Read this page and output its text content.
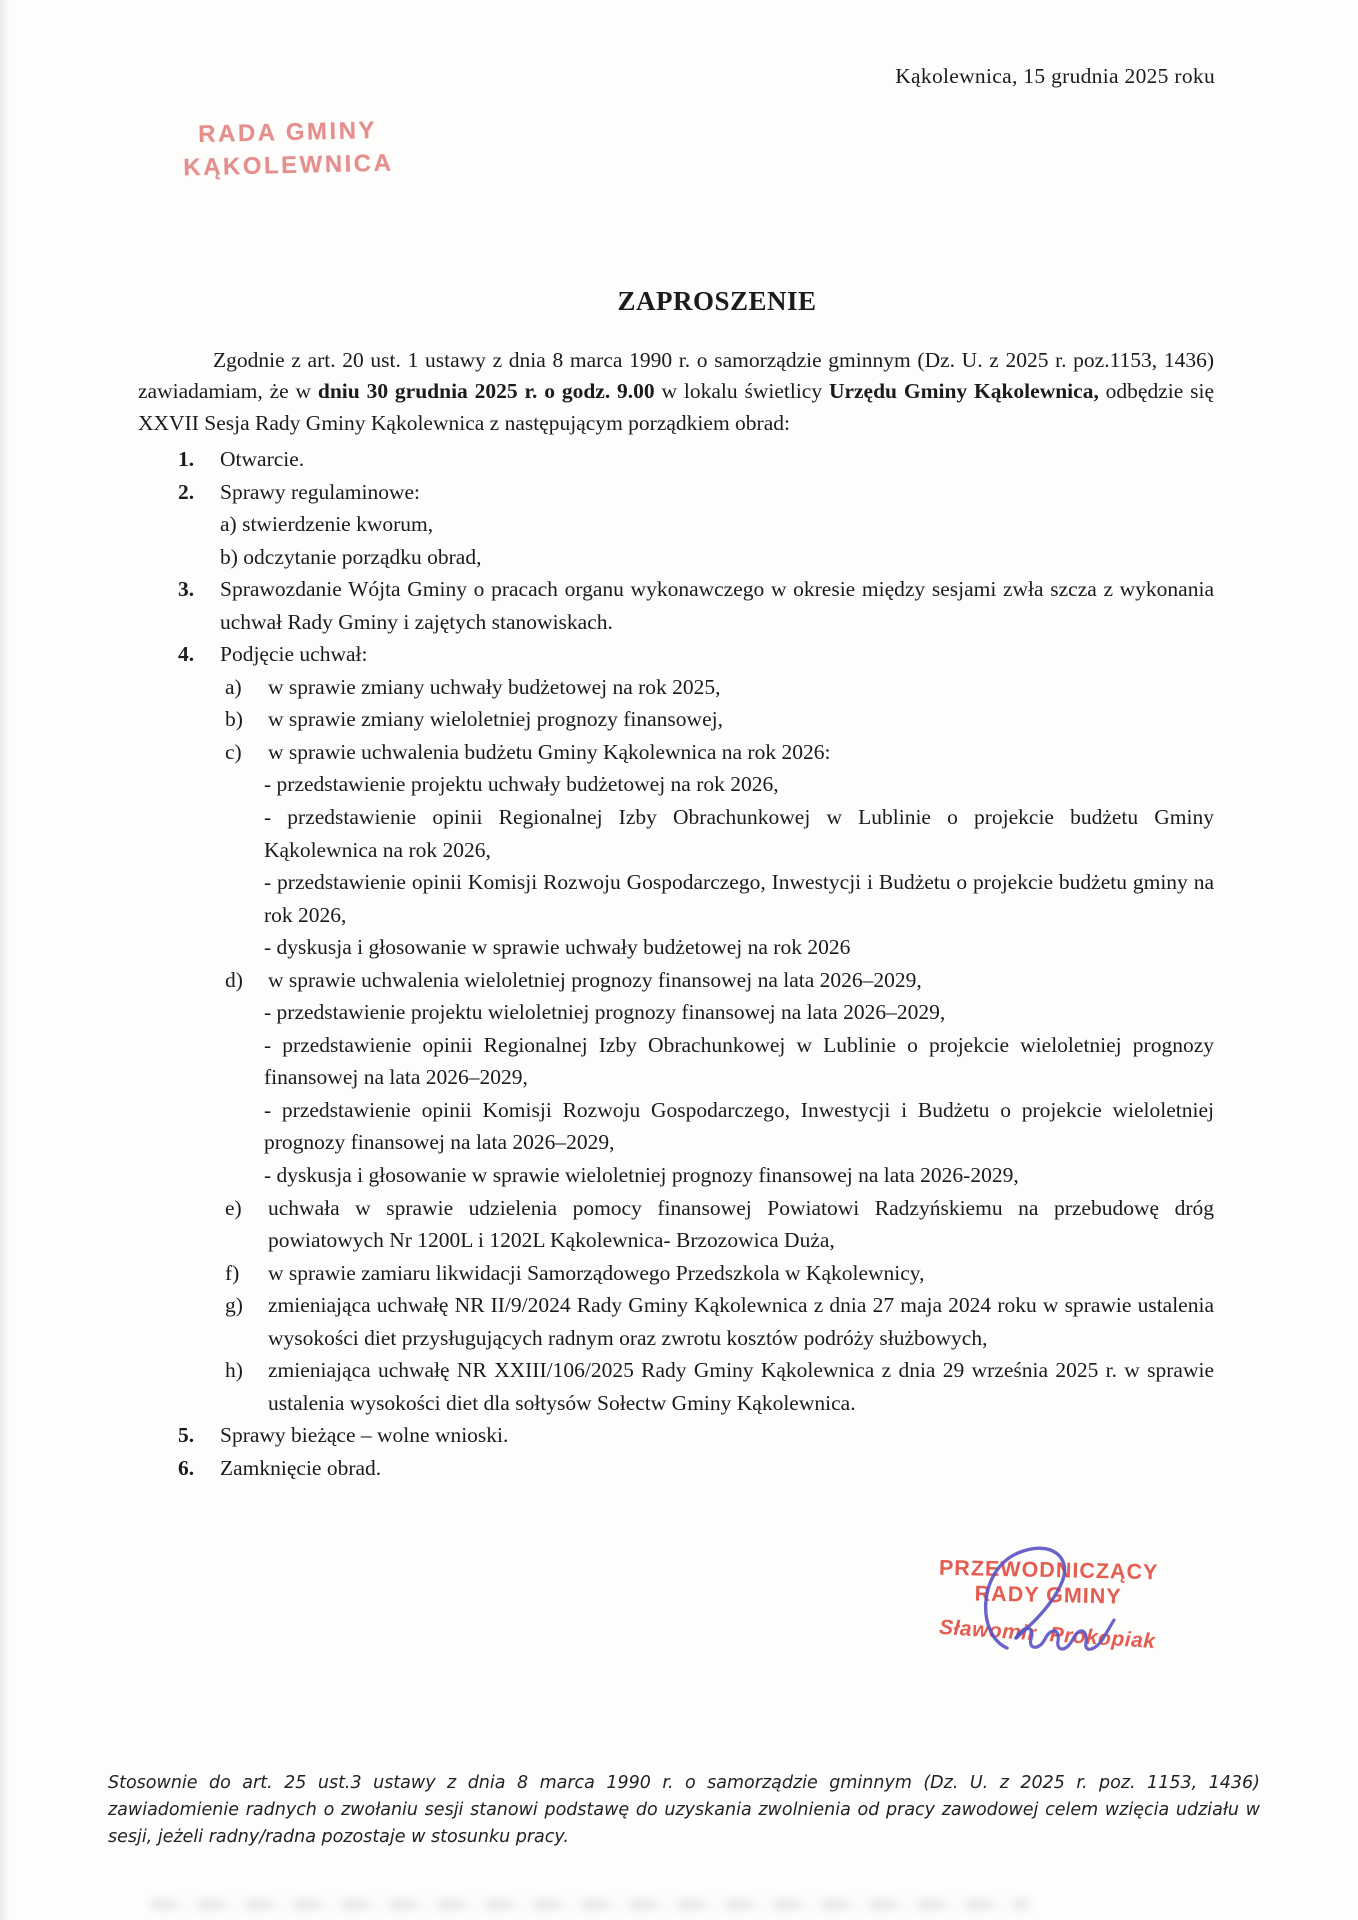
Kąkolewnica, 15 grudnia 2025 roku
RADA GMINY
KĄKOLEWNICA
ZAPROSZENIE

Zgodnie z art. 20 ust. 1 ustawy z dnia 8 marca 1990 r. o samorządzie gminnym (Dz. U. z 2025 r. poz.1153, 1436) zawiadamiam, że w dniu 30 grudnia 2025 r. o godz. 9.00 w lokalu świetlicy Urzędu Gminy Kąkolewnica, odbędzie się XXVII Sesja Rady Gminy Kąkolewnica z następującym porządkiem obrad:

1.	Otwarcie.
2.	Sprawy regulaminowe:
a) stwierdzenie kworum,
b) odczytanie porządku obrad,
3.	Sprawozdanie Wójta Gminy o pracach organu wykonawczego w okresie między sesjami zwła szcza z wykonania uchwał Rady Gminy i zajętych stanowiskach.
4.	Podjęcie uchwał:
a)	w sprawie zmiany uchwały budżetowej na rok 2025,
b)	w sprawie zmiany wieloletniej prognozy finansowej,
c)	w sprawie uchwalenia budżetu Gminy Kąkolewnica na rok 2026:
- przedstawienie projektu uchwały budżetowej na rok 2026,
- przedstawienie opinii Regionalnej Izby Obrachunkowej w Lublinie o projekcie budżetu Gminy Kąkolewnica na rok 2026,
- przedstawienie opinii Komisji Rozwoju Gospodarczego, Inwestycji i Budżetu o projekcie budżetu gminy na rok 2026,
- dyskusja i głosowanie w sprawie uchwały budżetowej na rok 2026
d)	w sprawie uchwalenia wieloletniej prognozy finansowej na lata 2026–2029,
- przedstawienie projektu wieloletniej prognozy finansowej na lata 2026–2029,
- przedstawienie opinii Regionalnej Izby Obrachunkowej w Lublinie o projekcie wieloletniej prognozy finansowej na lata 2026–2029,
- przedstawienie opinii Komisji Rozwoju Gospodarczego, Inwestycji i Budżetu o projekcie wieloletniej prognozy finansowej na lata 2026–2029,
- dyskusja i głosowanie w sprawie wieloletniej prognozy finansowej na lata 2026-2029,
e)	uchwała w sprawie udzielenia pomocy finansowej Powiatowi Radzyńskiemu na przebudowę dróg powiatowych Nr 1200L i 1202L Kąkolewnica- Brzozowica Duża,
f)	w sprawie zamiaru likwidacji Samorządowego Przedszkola w Kąkolewnicy,
g)	zmieniająca uchwałę NR II/9/2024 Rady Gminy Kąkolewnica z dnia 27 maja 2024 roku w sprawie ustalenia wysokości diet przysługujących radnym oraz zwrotu kosztów podróży służbowych,
h)	zmieniająca uchwałę NR XXIII/106/2025 Rady Gminy Kąkolewnica z dnia 29 września 2025 r. w sprawie ustalenia wysokości diet dla sołtysów Sołectw Gminy Kąkolewnica.
5.	Sprawy bieżące – wolne wnioski.
6.	Zamknięcie obrad.
PRZEWODNICZĄCY
RADY GMINY
Sławomir Prokopiak

Stosownie do art. 25 ust.3 ustawy z dnia 8 marca 1990 r. o samorządzie gminnym (Dz. U. z 2025 r. poz. 1153, 1436) zawiadomienie radnych o zwołaniu sesji stanowi podstawę do uzyskania zwolnienia od pracy zawodowej celem wzięcia udziału w sesji, jeżeli radny/radna pozostaje w stosunku pracy.
